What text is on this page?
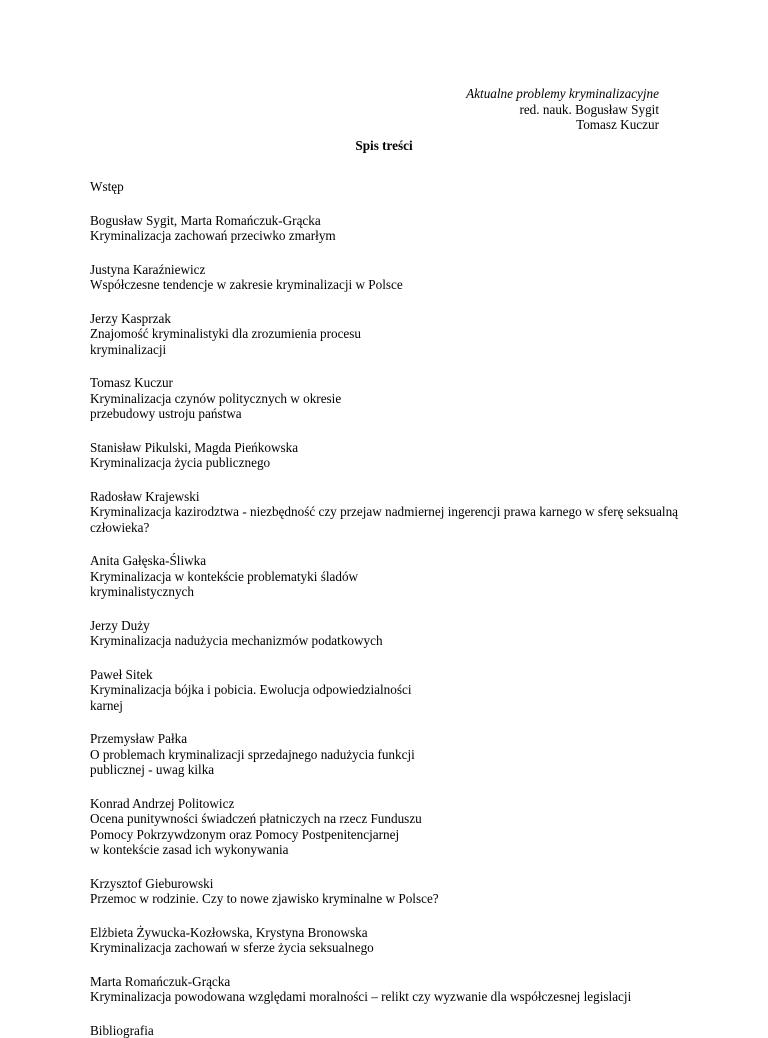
Aktualne problemy kryminalizacyjne
red. nauk. Bogusław Sygit
Tomasz Kuczur
Spis treści
Wstęp
Bogusław Sygit, Marta Romańczuk-Grącka
Kryminalizacja zachowań przeciwko zmarłym
Justyna Karaźniewicz
Współczesne tendencje w zakresie kryminalizacji w Polsce
Jerzy Kasprzak
Znajomość kryminalistyki dla zrozumienia procesu
kryminalizacji
Tomasz Kuczur
Kryminalizacja czynów politycznych w okresie
przebudowy ustroju państwa
Stanisław Pikulski, Magda Pieńkowska
Kryminalizacja życia publicznego
Radosław Krajewski
Kryminalizacja kazirodztwa - niezbędność czy przejaw nadmiernej ingerencji prawa karnego w sferę seksualną
człowieka?
Anita Gałęska-Śliwka
Kryminalizacja w kontekście problematyki śladów
kryminalistycznych
Jerzy Duży
Kryminalizacja nadużycia mechanizmów podatkowych
Paweł Sitek
Kryminalizacja bójka i pobicia. Ewolucja odpowiedzialności
karnej
Przemysław Pałka
O problemach kryminalizacji sprzedajnego nadużycia funkcji
publicznej - uwag kilka
Konrad Andrzej Politowicz
Ocena punitywności świadczeń płatniczych na rzecz Funduszu
Pomocy Pokrzywdzonym oraz Pomocy Postpenitencjarnej
w kontekście zasad ich wykonywania
Krzysztof Gieburowski
Przemoc w rodzinie. Czy to nowe zjawisko kryminalne w Polsce?
Elżbieta Żywucka-Kozłowska, Krystyna Bronowska
Kryminalizacja zachowań w sferze życia seksualnego
Marta Romańczuk-Grącka
Kryminalizacja powodowana względami moralności – relikt czy wyzwanie dla współczesnej legislacji
Bibliografia
